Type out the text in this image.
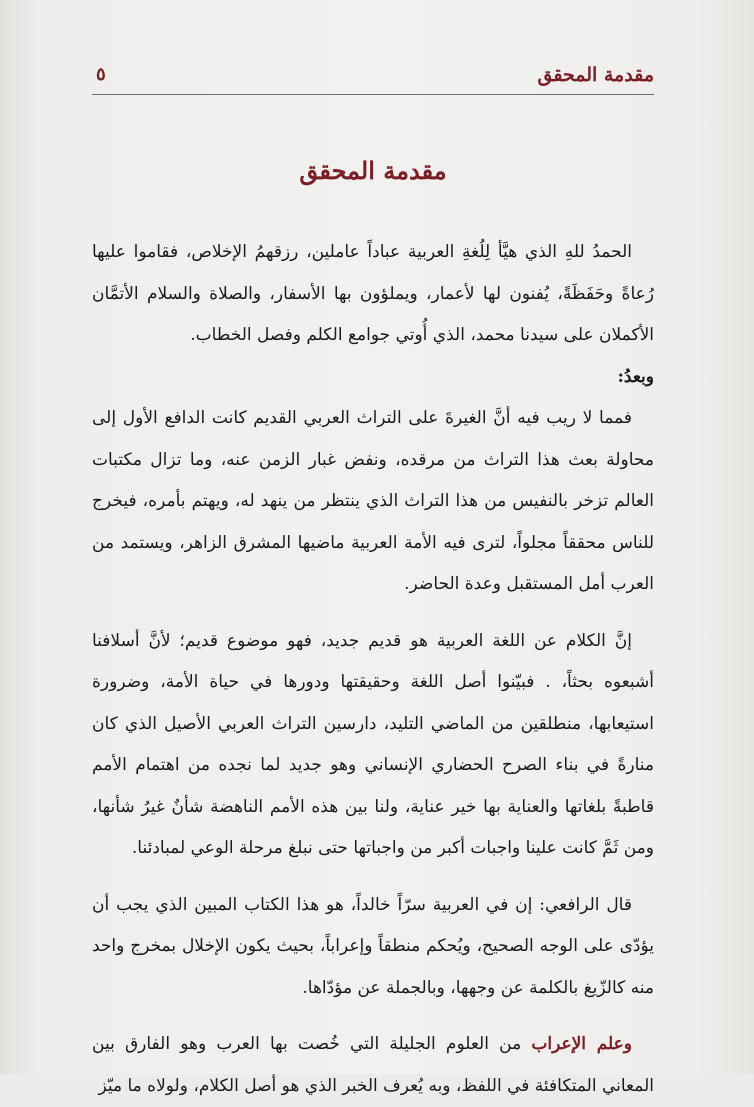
مقدمة المحقق
٥
مقدمة المحقق

الحمدُ للهِ الذي هيَّأ لِلُغةِ العربية عباداً عاملين، رزقهمُ الإخلاص، فقاموا عليها رُعاةً وحَفَظَةً، يُفنون لها لأعمار، ويملؤون بها الأسفار، والصلاة والسلام الأتمَّان الأكملان على سيدنا محمد، الذي أُوتي جوامع الكلم وفصل الخطاب.

وبعدُ:

فمما لا ريب فيه أنَّ الغيرةَ على التراث العربي القديم كانت الدافع الأول إلى محاولة بعث هذا التراث من مرقده، ونفض غبار الزمن عنه، وما تزال مكتبات العالم تزخر بالنفيس من هذا التراث الذي ينتظر من ينهد له، ويهتم بأمره، فيخرج للناس محققاً مجلواً، لترى فيه الأمة العربية ماضيها المشرق الزاهر، ويستمد من العرب أمل المستقبل وعدة الحاضر.

إنَّ الكلام عن اللغة العربية هو قديم جديد، فهو موضوع قديم؛ لأنَّ أسلافنا أشبعوه بحثاً، . فبيّنوا أصل اللغة وحقيقتها ودورها في حياة الأمة، وضرورة استيعابها، منطلقين من الماضي التليد، دارسين التراث العربي الأصيل الذي كان منارةً في بناء الصرح الحضاري الإنساني وهو جديد لما نجده من اهتمام الأمم قاطبةً بلغاتها والعناية بها خير عناية، ولنا بين هذه الأمم الناهضة شأنٌ غيرُ شأنها، ومن ثَمَّ كانت علينا واجبات أكبر من واجباتها حتى نبلغ مرحلة الوعي لمبادئنا.

قال الرافعي: إن في العربية سرّاً خالداً، هو هذا الكتاب المبين الذي يجب أن يؤدّى على الوجه الصحيح، ويُحكم منطقاً وإعراباً، بحيث يكون الإخلال بمخرج واحد منه كالزّيغ بالكلمة عن وجهها، وبالجملة عن مؤدّاها.

وعلم الإعراب من العلوم الجليلة التي خُصت بها العرب وهو الفارق بين المعاني المتكافئة في اللفظ، وبه يُعرف الخبر الذي هو أصل الكلام، ولولاه ما ميّز
